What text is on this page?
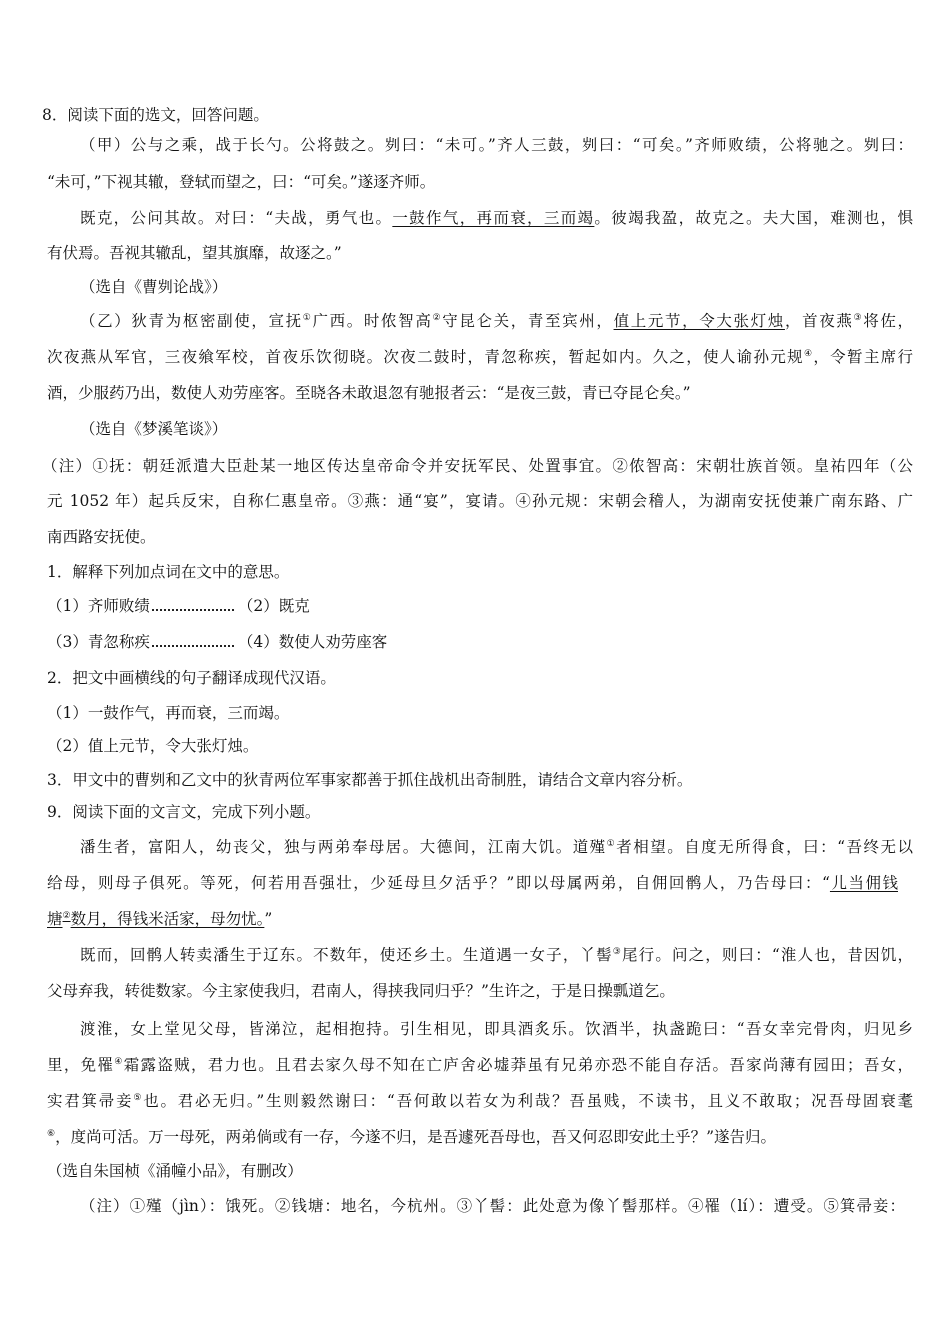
8．阅读下面的选文，回答问题。
（甲）公与之乘，战于长勺。公将鼓之。刿曰：“未可。”齐人三鼓，刿曰：“可矣。”齐师败绩，公将驰之。刿曰：
“未可，”下视其辙，登轼而望之，曰：“可矣。”遂逐齐师。
既克，公问其故。对曰：“夫战，勇气也。一鼓作气，再而衰，三而竭。彼竭我盈，故克之。夫大国，难测也，惧
有伏焉。吾视其辙乱，望其旗靡，故逐之。”
（选自《曹刿论战》）
（乙）狄青为枢密副使，宣抚①广西。时侬智高②守昆仑关，青至宾州，值上元节，令大张灯烛，首夜燕③将佐，
次夜燕从军官，三夜飨军校，首夜乐饮彻晓。次夜二鼓时，青忽称疾，暂起如内。久之，使人谕孙元规④，令暂主席行
酒，少服药乃出，数使人劝劳座客。至晓各未敢退忽有驰报者云：“是夜三鼓，青已夺昆仑矣。”
（选自《梦溪笔谈》）
（注）①抚：朝廷派遣大臣赴某一地区传达皇帝命令并安抚军民、处置事宜。②侬智高：宋朝壮族首领。皇祐四年（公
元 1052 年）起兵反宋，自称仁惠皇帝。③燕：通“宴”，宴请。④孙元规：宋朝会稽人，为湖南安抚使兼广南东路、广
南西路安抚使。
1．解释下列加点词在文中的意思。
（1）齐师败绩	（2）既克
（3）青忽称疾	（4）数使人劝劳座客
2．把文中画横线的句子翻译成现代汉语。
（1）一鼓作气，再而衰，三而竭。
（2）值上元节，令大张灯烛。
3．甲文中的曹刿和乙文中的狄青两位军事家都善于抓住战机出奇制胜，请结合文章内容分析。
9．阅读下面的文言文，完成下列小题。
潘生者，富阳人，幼丧父，独与两弟奉母居。大德间，江南大饥。道殣①者相望。自度无所得食，曰：“吾终无以
给母，则母子俱死。等死，何若用吾强壮，少延母旦夕活乎？”即以母属两弟，自佣回鹘人，乃告母曰：“儿当佣钱
塘②数月，得钱米活家，母勿忧。”
既而，回鹘人转卖潘生于辽东。不数年，使还乡土。生道遇一女子，丫髻③尾行。问之，则曰：“淮人也，昔因饥，
父母弃我，转徙数家。今主家使我归，君南人，得挟我同归乎？”生许之，于是日操瓢道乞。
渡淮，女上堂见父母，皆涕泣，起相抱持。引生相见，即具酒炙乐。饮酒半，执盏跪曰：“吾女幸完骨肉，归见乡
里，免罹④霜露盗贼，君力也。且君去家久母不知在亡庐舍必墟莽虽有兄弟亦恐不能自存活。吾家尚薄有园田；吾女，
实君箕帚妾⑤也。君必无归。”生则毅然谢曰：“吾何敢以若女为利哉？吾虽贱，不读书，且义不敢取；况吾母固衰耄
⑥，度尚可活。万一母死，两弟倘或有一存，今遂不归，是吾遽死吾母也，吾又何忍即安此土乎？”遂告归。
（选自朱国桢《涌幢小品》，有删改）
（注）①殣（jìn）：饿死。②钱塘：地名，今杭州。③丫髻：此处意为像丫髻那样。④罹（lí）：遭受。⑤箕帚妾：
